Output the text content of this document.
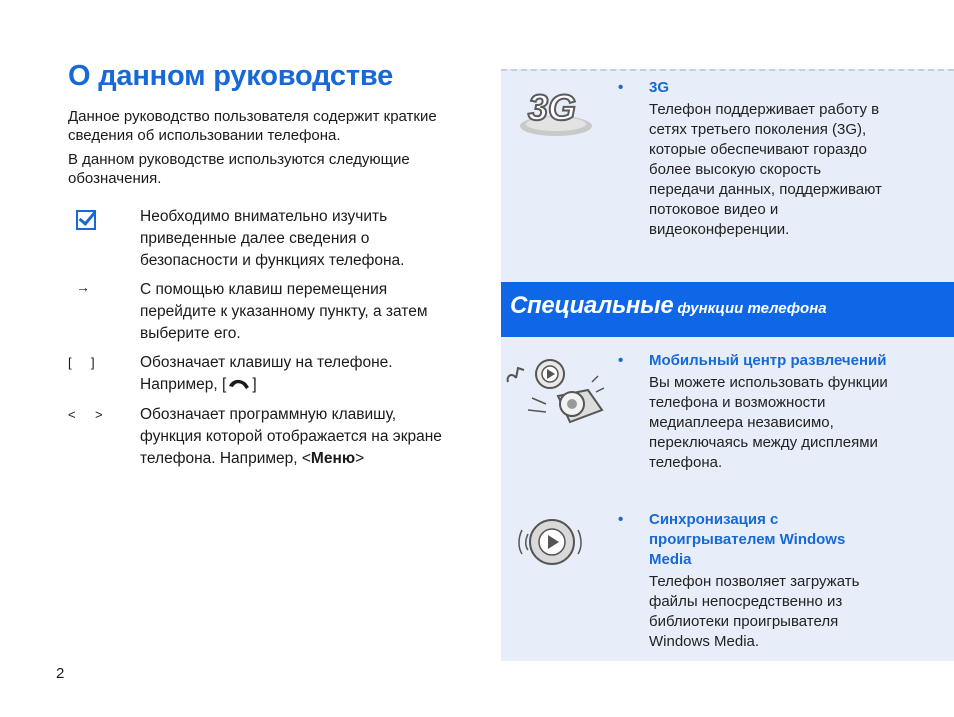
О данном руководстве

Данное руководство пользователя содержит краткие сведения об использовании телефона.

В данном руководстве используются следующие обозначения.

Необходимо внимательно изучить приведенные далее сведения о безопасности и функциях телефона.
→	С помощью клавиш перемещения перейдите к указанному пункту, а затем выберите его.
[    ]	Обозначает клавишу на телефоне. Например, [ ]
<    > Обозначает программную клавишу, функция которой отображается на экране телефона. Например, <Меню>
2
3G	• 3G
Телефон поддерживает работу в сетях третьего поколения (3G), которые обеспечивают гораздо более высокую скорость передачи данных, поддерживают потоковое видео и видеоконференции.
Специальные функции телефона
• Мобильный центр развлечений
Вы можете использовать функции телефона и возможности медиаплеера независимо, переключаясь между дисплеями телефона.
• Синхронизация с проигрывателем Windows Media
Телефон позволяет загружать файлы непосредственно из библиотеки проигрывателя Windows Media.
